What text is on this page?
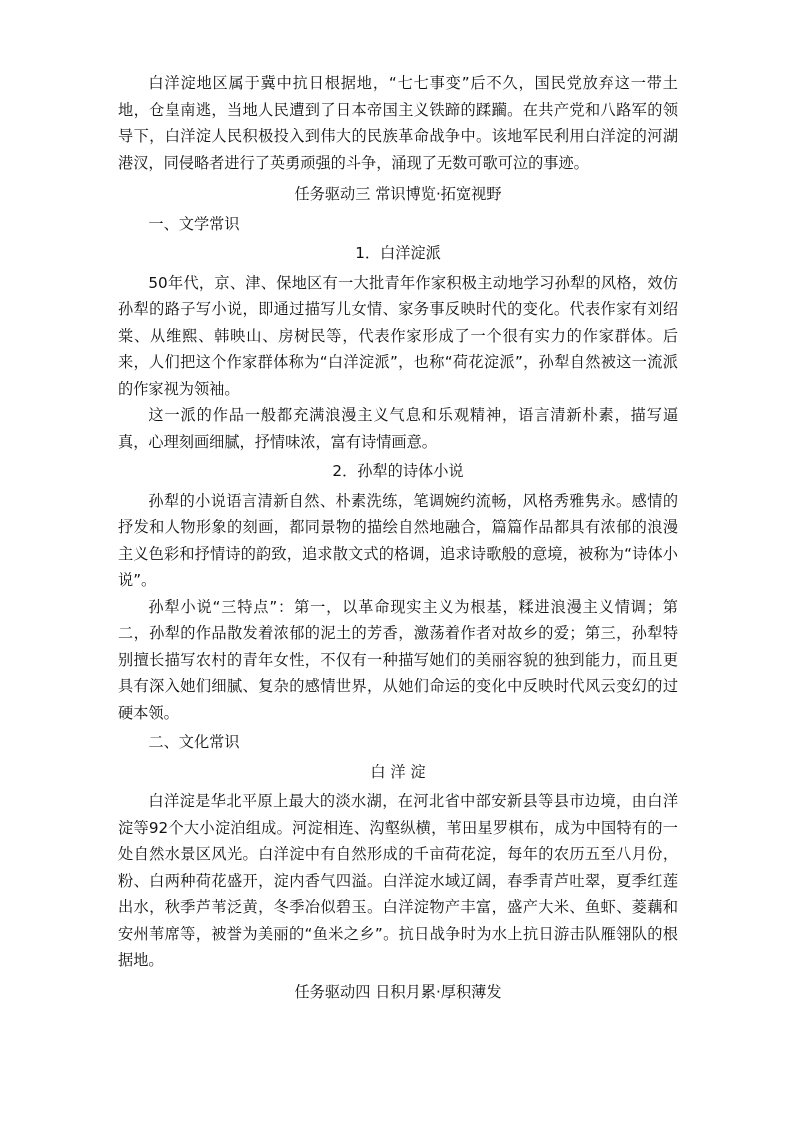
白洋淀地区属于冀中抗日根据地，“七七事变”后不久，国民党放弃这一带土地，仓皇南逃，当地人民遭到了日本帝国主义铁蹄的蹂躏。在共产党和八路军的领导下，白洋淀人民积极投入到伟大的民族革命战争中。该地军民利用白洋淀的河湖港汊，同侵略者进行了英勇顽强的斗争，涌现了无数可歌可泣的事迹。

任务驱动三 常识博览·拓宽视野

一、文学常识

1．白洋淀派

50年代，京、津、保地区有一大批青年作家积极主动地学习孙犁的风格，效仿孙犁的路子写小说，即通过描写儿女情、家务事反映时代的变化。代表作家有刘绍棠、从维熙、韩映山、房树民等，代表作家形成了一个很有实力的作家群体。后来，人们把这个作家群体称为“白洋淀派”，也称“荷花淀派”，孙犁自然被这一流派的作家视为领袖。

这一派的作品一般都充满浪漫主义气息和乐观精神，语言清新朴素，描写逼真，心理刻画细腻，抒情味浓，富有诗情画意。

2．孙犁的诗体小说

孙犁的小说语言清新自然、朴素洗练，笔调婉约流畅，风格秀雅隽永。感情的抒发和人物形象的刻画，都同景物的描绘自然地融合，篇篇作品都具有浓郁的浪漫主义色彩和抒情诗的韵致，追求散文式的格调，追求诗歌般的意境，被称为“诗体小说”。

孙犁小说“三特点”：第一，以革命现实主义为根基，糅进浪漫主义情调；第二，孙犁的作品散发着浓郁的泥土的芳香，激荡着作者对故乡的爱；第三，孙犁特别擅长描写农村的青年女性，不仅有一种描写她们的美丽容貌的独到能力，而且更具有深入她们细腻、复杂的感情世界，从她们命运的变化中反映时代风云变幻的过硬本领。

二、文化常识

白 洋 淀

白洋淀是华北平原上最大的淡水湖，在河北省中部安新县等县市边境，由白洋淀等92个大小淀泊组成。河淀相连、沟壑纵横，苇田星罗棋布，成为中国特有的一处自然水景区风光。白洋淀中有自然形成的千亩荷花淀，每年的农历五至八月份，粉、白两种荷花盛开，淀内香气四溢。白洋淀水域辽阔，春季青芦吐翠，夏季红莲出水，秋季芦苇泛黄，冬季冶似碧玉。白洋淀物产丰富，盛产大米、鱼虾、菱藕和安州苇席等，被誉为美丽的“鱼米之乡”。抗日战争时为水上抗日游击队雁翎队的根据地。

任务驱动四 日积月累·厚积薄发
